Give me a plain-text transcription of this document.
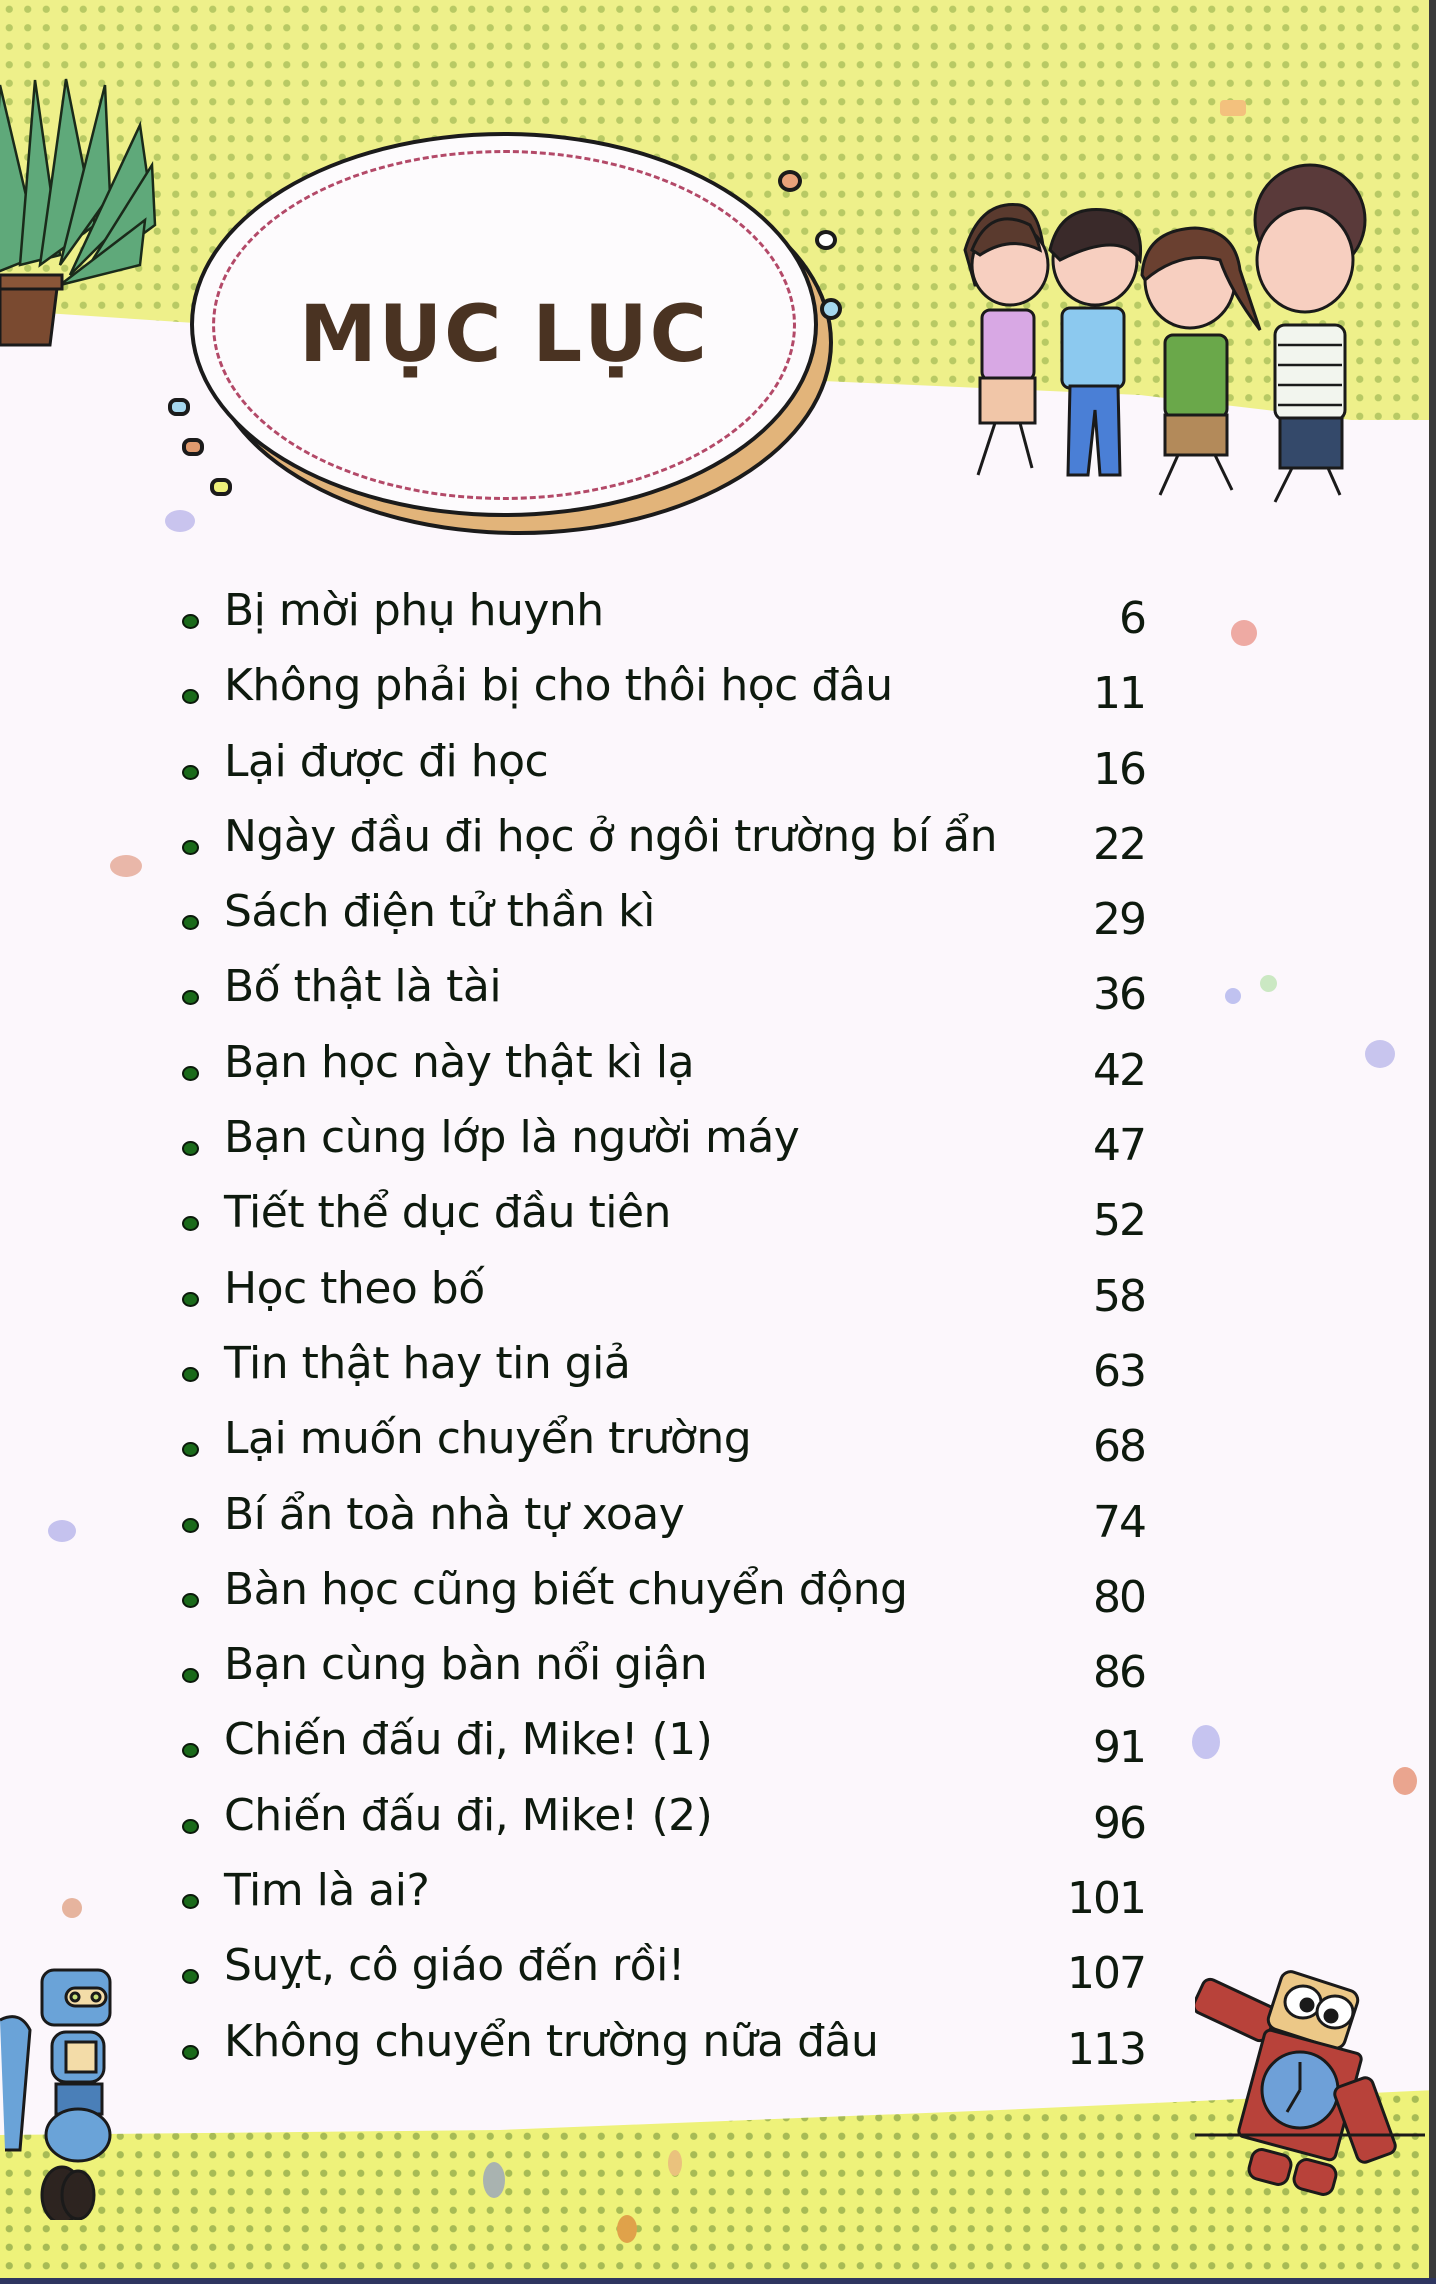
MỤC LỤC
Bị mời phụ huynh	6
Không phải bị cho thôi học đâu	11
Lại được đi học	16
Ngày đầu đi học ở ngôi trường bí ẩn 22
Sách điện tử thần kì	29
Bố thật là tài	36
Bạn học này thật kì lạ	42
Bạn cùng lớp là người máy	47
Tiết thể dục đầu tiên	52
Học theo bố	58
Tin thật hay tin giả	63
Lại muốn chuyển trường	68
Bí ẩn toà nhà tự xoay	74
Bàn học cũng biết chuyển động	80
Bạn cùng bàn nổi giận	86
Chiến đấu đi, Mike! (1)	91
Chiến đấu đi, Mike! (2)	96
Tim là ai?	101
Suỵt, cô giáo đến rồi!	107
Không chuyển trường nữa đâu	113
